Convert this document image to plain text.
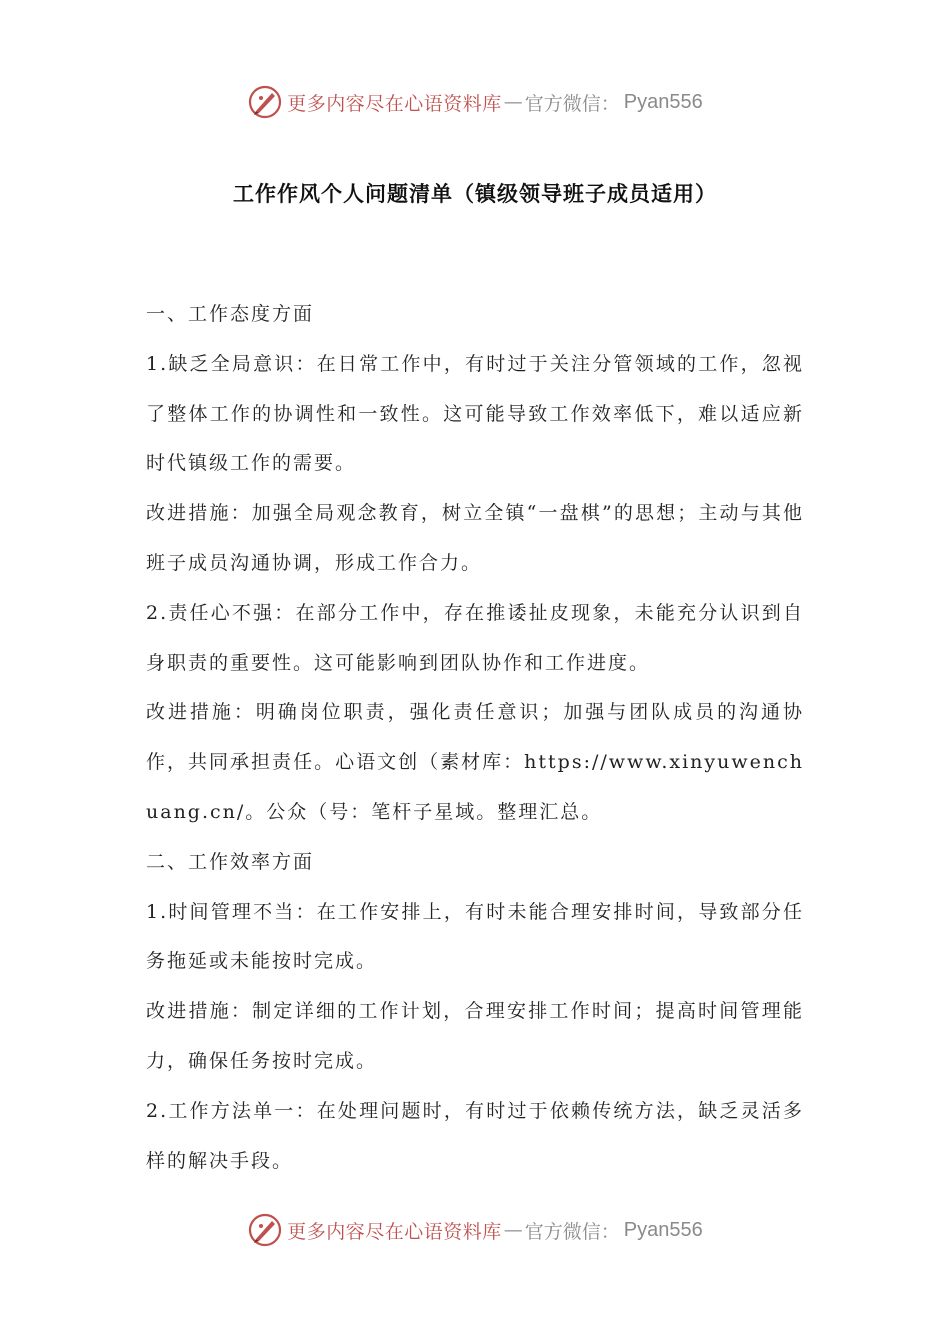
更多内容尽在心语资料库 — 官方微信： Pyan556
工作作风个人问题清单（镇级领导班子成员适用）

一、工作态度方面

1.缺乏全局意识：在日常工作中，有时过于关注分管领域的工作，忽视了整体工作的协调性和一致性。这可能导致工作效率低下，难以适应新时代镇级工作的需要。

改进措施：加强全局观念教育，树立全镇“一盘棋”的思想；主动与其他班子成员沟通协调，形成工作合力。

2.责任心不强：在部分工作中，存在推诿扯皮现象，未能充分认识到自身职责的重要性。这可能影响到团队协作和工作进度。

改进措施：明确岗位职责，强化责任意识；加强与团队成员的沟通协作，共同承担责任。心语文创（素材库：https://www.xinyuwenchuang.cn/。公众（号：笔杆子星域。整理汇总。

二、工作效率方面

1.时间管理不当：在工作安排上，有时未能合理安排时间，导致部分任务拖延或未能按时完成。

改进措施：制定详细的工作计划，合理安排工作时间；提高时间管理能力，确保任务按时完成。

2.工作方法单一：在处理问题时，有时过于依赖传统方法，缺乏灵活多样的解决手段。

更多内容尽在心语资料库 — 官方微信： Pyan556
